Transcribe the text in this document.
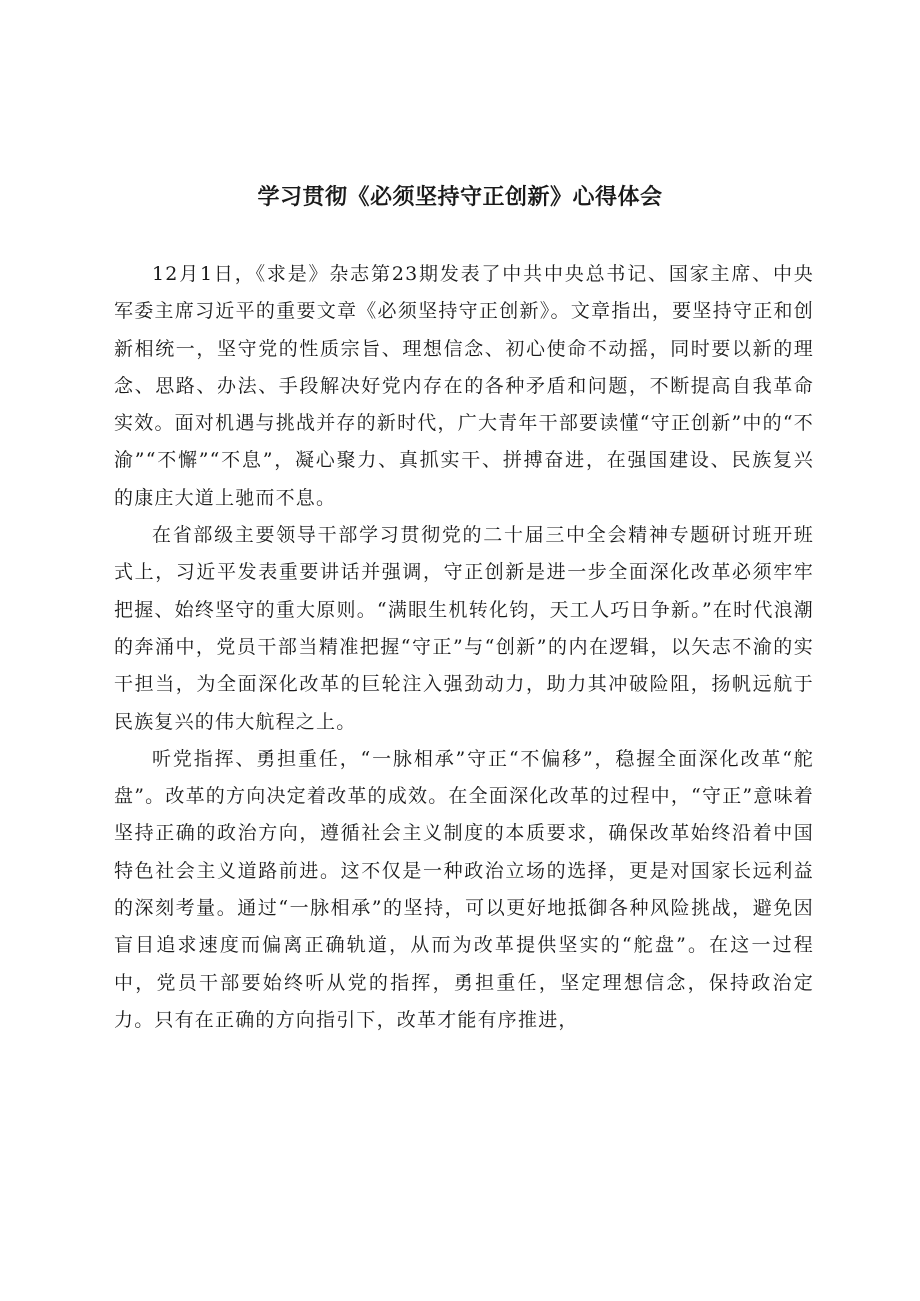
学习贯彻《必须坚持守正创新》心得体会

12月1日，《求是》杂志第23期发表了中共中央总书记、国家主席、中央军委主席习近平的重要文章《必须坚持守正创新》。文章指出，要坚持守正和创新相统一，坚守党的性质宗旨、理想信念、初心使命不动摇，同时要以新的理念、思路、办法、手段解决好党内存在的各种矛盾和问题，不断提高自我革命实效。面对机遇与挑战并存的新时代，广大青年干部要读懂“守正创新”中的“不渝”“不懈”“不息”，凝心聚力、真抓实干、拼搏奋进，在强国建设、民族复兴的康庄大道上驰而不息。

在省部级主要领导干部学习贯彻党的二十届三中全会精神专题研讨班开班式上，习近平发表重要讲话并强调，守正创新是进一步全面深化改革必须牢牢把握、始终坚守的重大原则。“满眼生机转化钧，天工人巧日争新。”在时代浪潮的奔涌中，党员干部当精准把握“守正”与“创新”的内在逻辑，以矢志不渝的实干担当，为全面深化改革的巨轮注入强劲动力，助力其冲破险阻，扬帆远航于民族复兴的伟大航程之上。

听党指挥、勇担重任，“一脉相承”守正“不偏移”，稳握全面深化改革“舵盘”。改革的方向决定着改革的成效。在全面深化改革的过程中，“守正”意味着坚持正确的政治方向，遵循社会主义制度的本质要求，确保改革始终沿着中国特色社会主义道路前进。这不仅是一种政治立场的选择，更是对国家长远利益的深刻考量。通过“一脉相承”的坚持，可以更好地抵御各种风险挑战，避免因盲目追求速度而偏离正确轨道，从而为改革提供坚实的“舵盘”。在这一过程中，党员干部要始终听从党的指挥，勇担重任，坚定理想信念，保持政治定力。只有在正确的方向指引下，改革才能有序推进，
